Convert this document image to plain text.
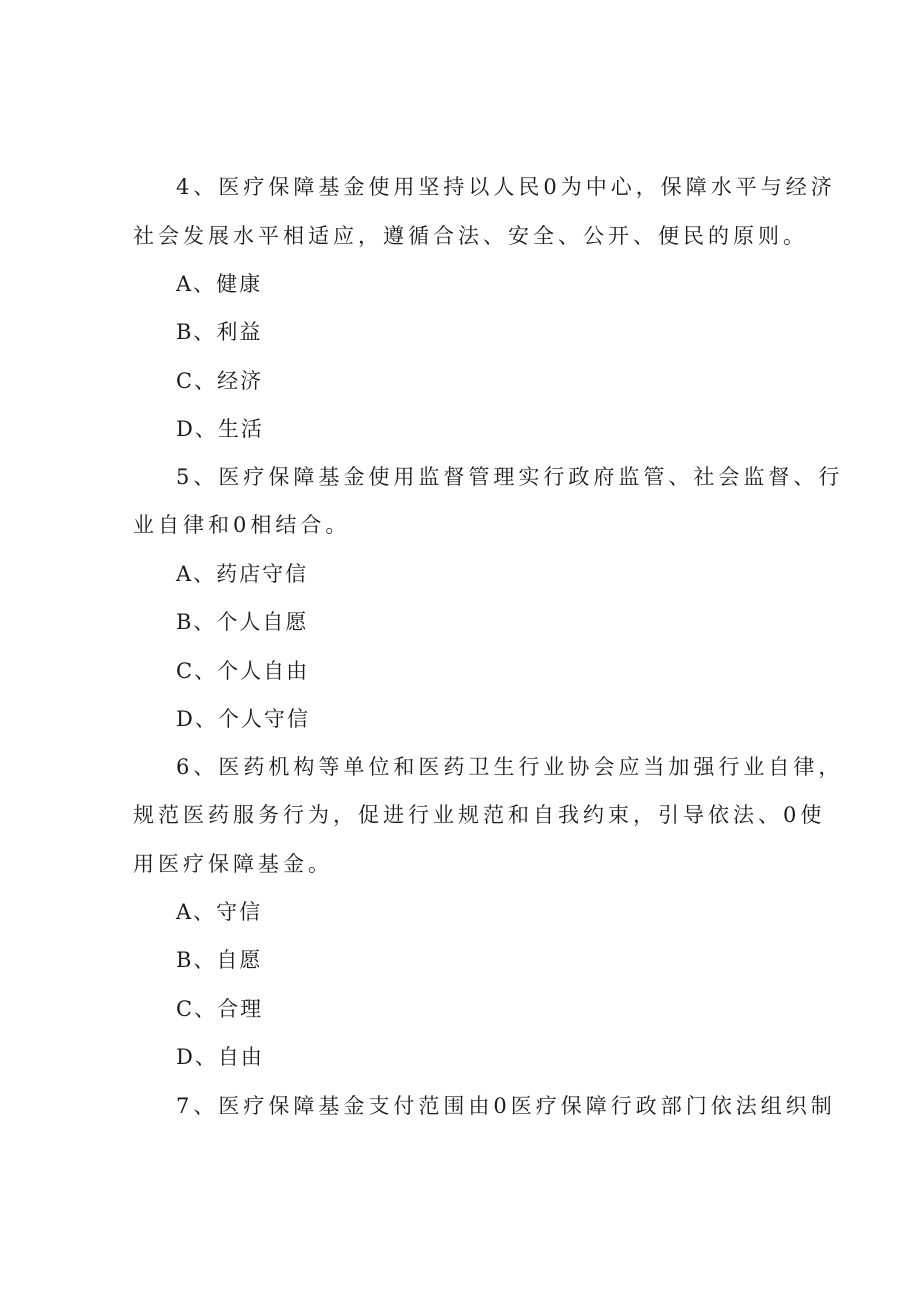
4、医疗保障基金使用坚持以人民0为中心，保障水平与经济
社会发展水平相适应，遵循合法、安全、公开、便民的原则。
A、健康
B、利益
C、经济
D、生活
5、医疗保障基金使用监督管理实行政府监管、社会监督、行
业自律和0相结合。
A、药店守信
B、个人自愿
C、个人自由
D、个人守信
6、医药机构等单位和医药卫生行业协会应当加强行业自律，
规范医药服务行为，促进行业规范和自我约束，引导依法、0使
用医疗保障基金。
A、守信
B、自愿
C、合理
D、自由
7、医疗保障基金支付范围由0医疗保障行政部门依法组织制
